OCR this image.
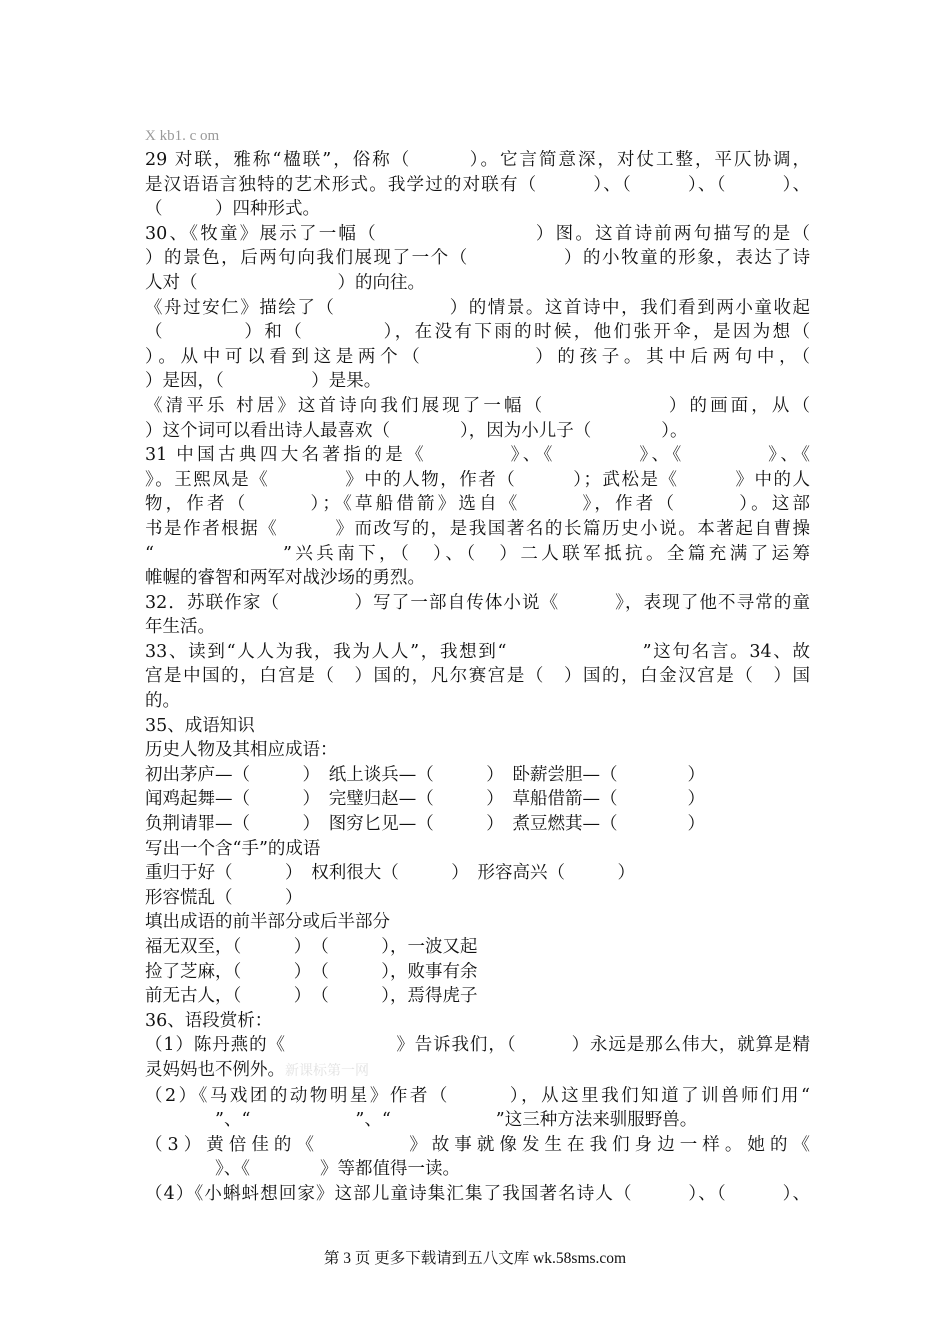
X kb1. c om
29 对联，雅称“楹联”，俗称（　　　）。它言简意深，对仗工整，平仄协调，
是汉语语言独特的艺术形式。我学过的对联有（　　　）、（　　　）、（　　　）、
（　　　）四种形式。
30、《牧童》展示了一幅（　　　　　　　　）图。这首诗前两句描写的是（
）的景色，后两句向我们展现了一个（　　　　　）的小牧童的形象，表达了诗
人对（　　　　　　　　）的向往。
《舟过安仁》描绘了（　　　　　　）的情景。这首诗中，我们看到两小童收起
（　　　　）和（　　　　），在没有下雨的时候，他们张开伞，是因为想（
）。从中可以看到这是两个（　　　　　）的孩子。其中后两句中，（
）是因，（　　　　　）是果。
《清平乐 村居》这首诗向我们展现了一幅（　　　　　　）的画面，从（
）这个词可以看出诗人最喜欢（　　　　），因为小儿子（　　　　）。
31 中国古典四大名著指的是《　　　　》、《　　　　》、《　　　　》、《
》。王熙凤是《　　　　》中的人物，作者（　　　）；武松是《　　　》中的人
物，作者（　　　）；《草船借箭》选自《　　　》，作者（　　　）。这部
书是作者根据《　　　》而改写的，是我国著名的长篇历史小说。本著起自曹操
“　　　　　　”兴兵南下，（　）、（　）二人联军抵抗。全篇充满了运筹
帷幄的睿智和两军对战沙场的勇烈。
32．苏联作家（　　　　）写了一部自传体小说《　　　》，表现了他不寻常的童
年生活。
33、读到“人人为我，我为人人”，我想到“　　　　　　　”这句名言。34、故
宫是中国的，白宫是（　）国的，凡尔赛宫是（　）国的，白金汉宫是（　）国
的。
35、成语知识
历史人物及其相应成语：
初出茅庐—（　　　）　纸上谈兵—（　　　）　卧薪尝胆—（　　　　）
闻鸡起舞—（　　　）　完璧归赵—（　　　）　草船借箭—（　　　　）
负荆请罪—（　　　）　图穷匕见—（　　　）　煮豆燃萁—（　　　　）
写出一个含“手”的成语
重归于好（　　　）　权利很大（　　　）　形容高兴（　　　）
形容慌乱（　　　）
填出成语的前半部分或后半部分
福无双至，（　　　）　（　　　），一波又起
捡了芝麻，（　　　）　（　　　），败事有余
前无古人，（　　　）　（　　　），焉得虎子
36、语段赏析：
（1）陈丹燕的《　　　　　　》告诉我们，（　　　）永远是那么伟大，就算是精
灵妈妈也不例外。新课标第一网
（2）《马戏团的动物明星》作者（　　　），从这里我们知道了训兽师们用“
　　　　”、“　　　　　　”、“　　　　　　”这三种方法来驯服野兽。
（3）黄倍佳的《　　　　》故事就像发生在我们身边一样。她的《
　　　　》、《　　　　》等都值得一读。
（4）《小蝌蚪想回家》这部儿童诗集汇集了我国著名诗人（　　　）、（　　　）、
第 3 页 更多下载请到五八文库 wk.58sms.com
